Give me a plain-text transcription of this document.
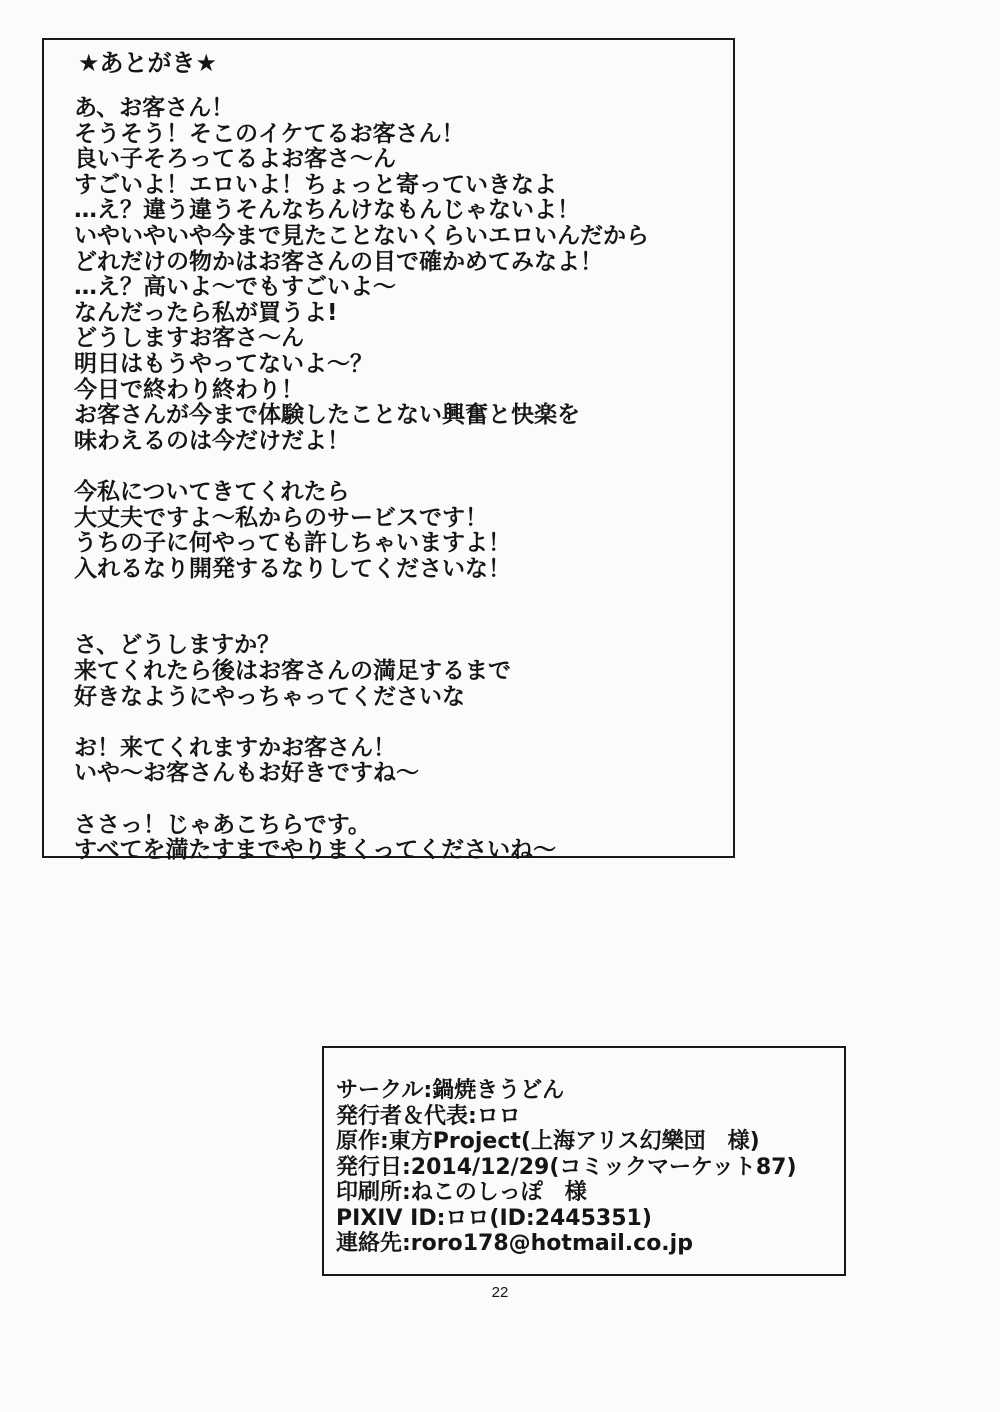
★あとがき★
あ、お客さん！
そうそう！そこのイケてるお客さん！
良い子そろってるよお客さ～ん
すごいよ！エロいよ！ちょっと寄っていきなよ
…え？違う違うそんなちんけなもんじゃないよ！
いやいやいや今まで見たことないくらいエロいんだから
どれだけの物かはお客さんの目で確かめてみなよ！
…え？高いよ～でもすごいよ～
なんだったら私が買うよ!
どうしますお客さ～ん
明日はもうやってないよ～？
今日で終わり終わり！
お客さんが今まで体験したことない興奮と快楽を
味わえるのは今だけだよ！
今私についてきてくれたら
大丈夫ですよ～私からのサービスです！
うちの子に何やっても許しちゃいますよ！
入れるなり開発するなりしてくださいな！
さ、どうしますか？
来てくれたら後はお客さんの満足するまで
好きなようにやっちゃってくださいな
お！来てくれますかお客さん！
いや～お客さんもお好きですね～
ささっ！じゃあこちらです。
すべてを満たすまでやりまくってくださいね～
サークル:鍋焼きうどん
発行者＆代表:ロロ
原作:東方Project(上海アリス幻樂団　様)
発行日:2014/12/29(コミックマーケット87)
印刷所:ねこのしっぽ　様
PIXIV ID:ロロ(ID:2445351)
連絡先:roro178@hotmail.co.jp
22
